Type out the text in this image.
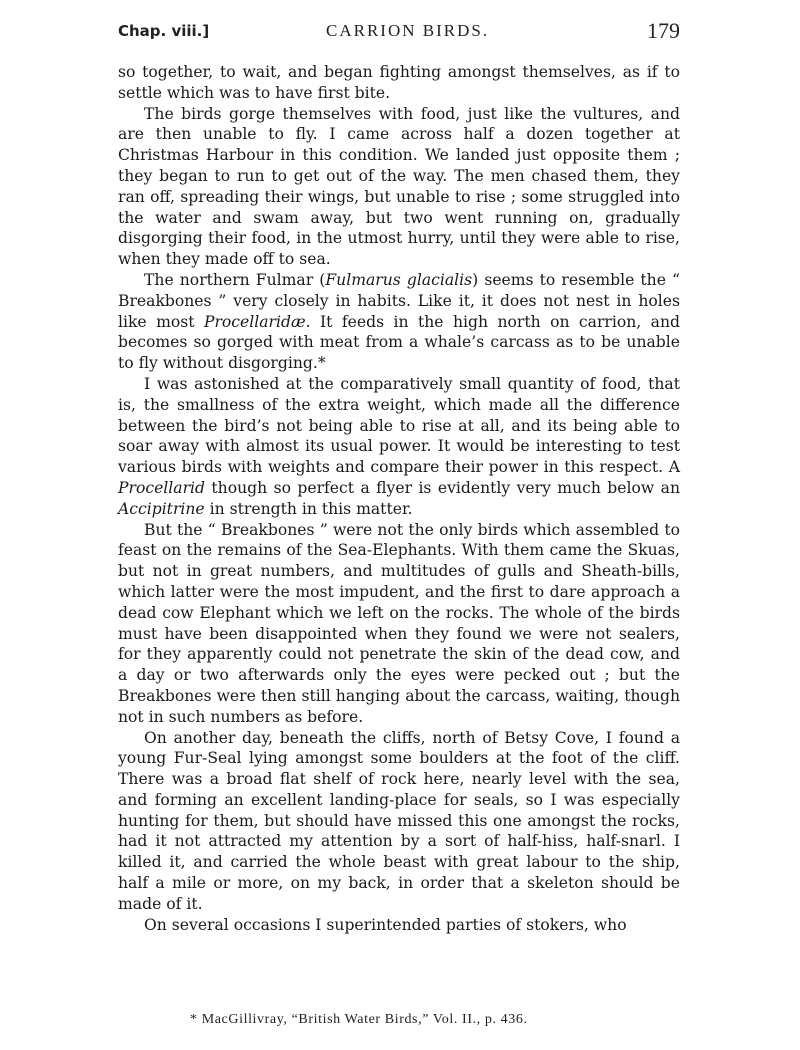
Chap. viii.]	CARRION BIRDS.	179

so together, to wait, and began fighting amongst themselves, as if to settle which was to have first bite.

The birds gorge themselves with food, just like the vultures, and are then unable to fly. I came across half a dozen together at Christmas Harbour in this condition. We landed just opposite them ; they began to run to get out of the way. The men chased them, they ran off, spreading their wings, but unable to rise ; some struggled into the water and swam away, but two went running on, gradually disgorging their food, in the utmost hurry, until they were able to rise, when they made off to sea.

The northern Fulmar (Fulmarus glacialis) seems to resemble the “ Breakbones ” very closely in habits. Like it, it does not nest in holes like most Procellaridæ. It feeds in the high north on carrion, and becomes so gorged with meat from a whale’s carcass as to be unable to fly without disgorging.*

I was astonished at the comparatively small quantity of food, that is, the smallness of the extra weight, which made all the difference between the bird’s not being able to rise at all, and its being able to soar away with almost its usual power. It would be interesting to test various birds with weights and compare their power in this respect. A Procellarid though so perfect a flyer is evidently very much below an Accipitrine in strength in this matter.

But the “ Breakbones ” were not the only birds which assembled to feast on the remains of the Sea-Elephants. With them came the Skuas, but not in great numbers, and multitudes of gulls and Sheath-bills, which latter were the most impudent, and the first to dare approach a dead cow Elephant which we left on the rocks. The whole of the birds must have been disappointed when they found we were not sealers, for they apparently could not penetrate the skin of the dead cow, and a day or two afterwards only the eyes were pecked out ; but the Breakbones were then still hanging about the carcass, waiting, though not in such numbers as before.

On another day, beneath the cliffs, north of Betsy Cove, I found a young Fur-Seal lying amongst some boulders at the foot of the cliff. There was a broad flat shelf of rock here, nearly level with the sea, and forming an excellent landing-place for seals, so I was especially hunting for them, but should have missed this one amongst the rocks, had it not attracted my attention by a sort of half-hiss, half-snarl. I killed it, and carried the whole beast with great labour to the ship, half a mile or more, on my back, in order that a skeleton should be made of it.

On several occasions I superintended parties of stokers, who

* MacGillivray, “British Water Birds,” Vol. II., p. 436.
